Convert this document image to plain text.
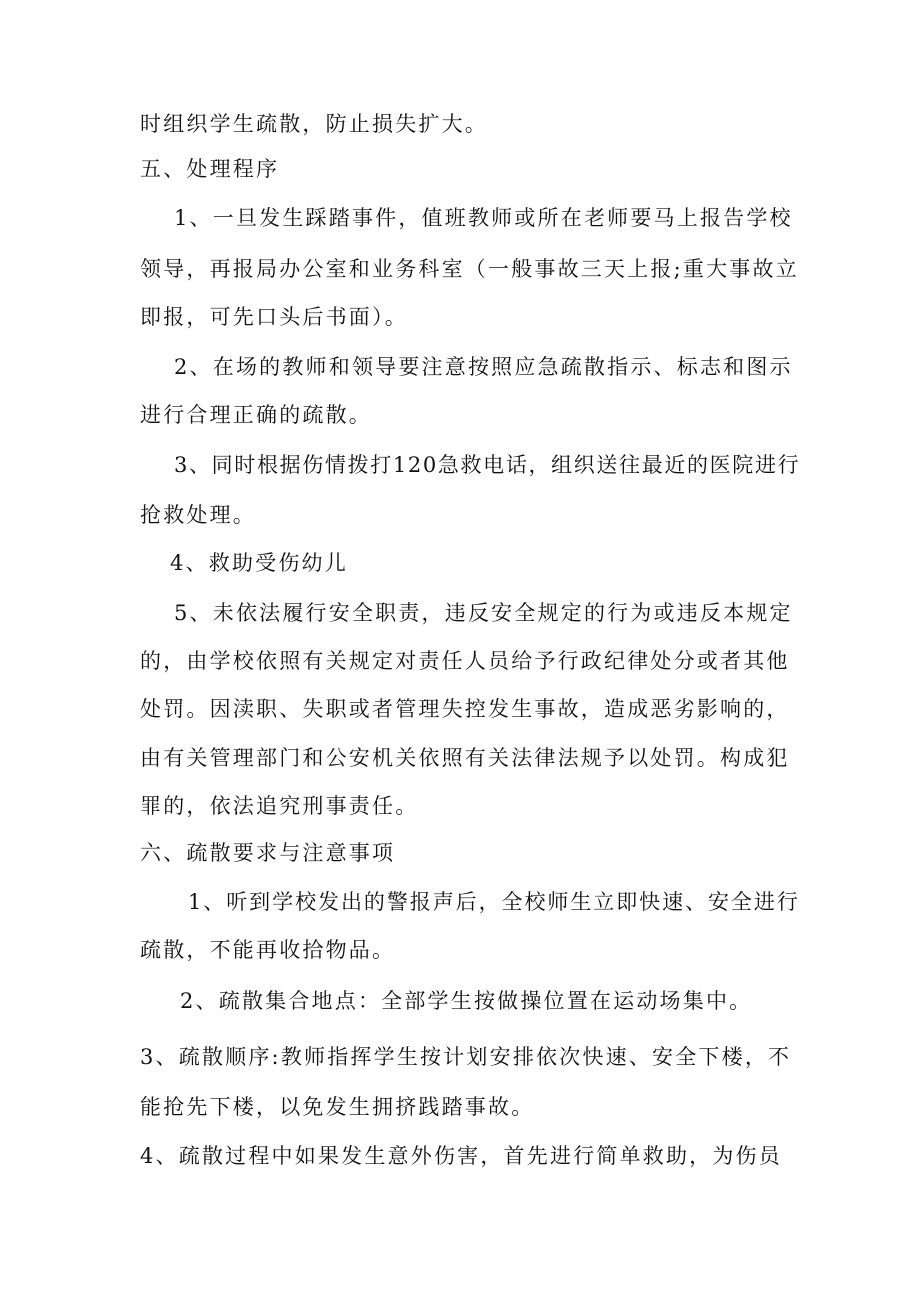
时组织学生疏散，防止损失扩大。
五、处理程序
1、一旦发生踩踏事件，值班教师或所在老师要马上报告学校
领导，再报局办公室和业务科室（一般事故三天上报;重大事故立
即报，可先口头后书面）。
2、在场的教师和领导要注意按照应急疏散指示、标志和图示
进行合理正确的疏散。
3、同时根据伤情拨打120急救电话，组织送往最近的医院进行
抢救处理。
4、救助受伤幼儿
5、未依法履行安全职责，违反安全规定的行为或违反本规定
的，由学校依照有关规定对责任人员给予行政纪律处分或者其他
处罚。因渎职、失职或者管理失控发生事故，造成恶劣影响的，
由有关管理部门和公安机关依照有关法律法规予以处罚。构成犯
罪的，依法追究刑事责任。
六、疏散要求与注意事项
1、听到学校发出的警报声后，全校师生立即快速、安全进行
疏散，不能再收拾物品。
2、疏散集合地点：全部学生按做操位置在运动场集中。
3、疏散顺序:教师指挥学生按计划安排依次快速、安全下楼，不
能抢先下楼，以免发生拥挤践踏事故。
4、疏散过程中如果发生意外伤害，首先进行简单救助，为伤员
